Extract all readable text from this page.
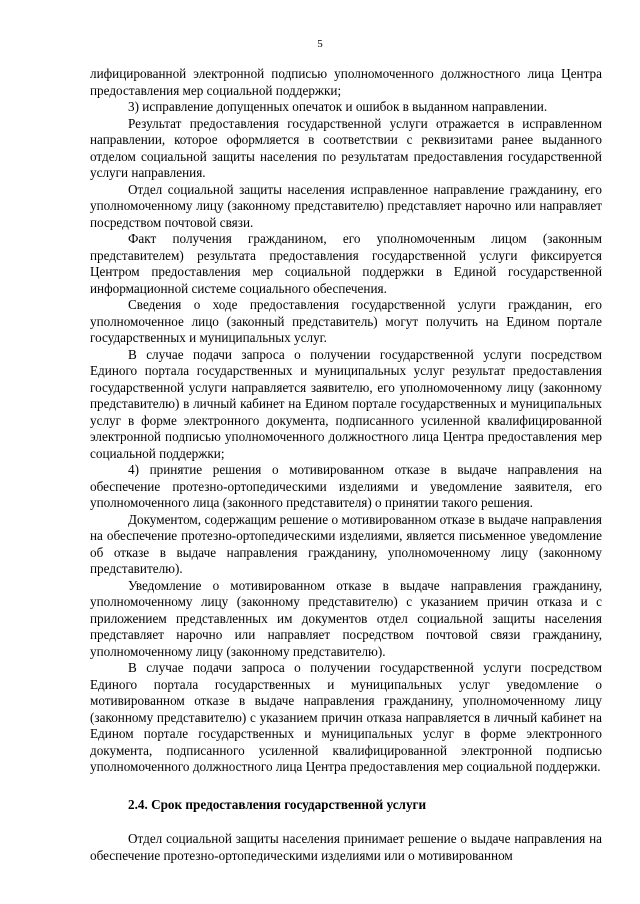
5

лифицированной электронной подписью уполномоченного должностного лица Центра предоставления мер социальной поддержки;

3) исправление допущенных опечаток и ошибок в выданном направлении.

Результат предоставления государственной услуги отражается в исправленном направлении, которое оформляется в соответствии с реквизитами ранее выданного отделом социальной защиты населения по результатам предоставления государственной услуги направления.

Отдел социальной защиты населения исправленное направление гражданину, его уполномоченному лицу (законному представителю) представляет нарочно или направляет посредством почтовой связи.

Факт получения гражданином, его уполномоченным лицом (законным представителем) результата предоставления государственной услуги фиксируется Центром предоставления мер социальной поддержки в Единой государственной информационной системе социального обеспечения.

Сведения о ходе предоставления государственной услуги гражданин, его уполномоченное лицо (законный представитель) могут получить на Едином портале государственных и муниципальных услуг.

В случае подачи запроса о получении государственной услуги посредством Единого портала государственных и муниципальных услуг результат предоставления государственной услуги направляется заявителю, его уполномоченному лицу (законному представителю) в личный кабинет на Едином портале государственных и муниципальных услуг в форме электронного документа, подписанного усиленной квалифицированной электронной подписью уполномоченного должностного лица Центра предоставления мер социальной поддержки;

4) принятие решения о мотивированном отказе в выдаче направления на обеспечение протезно-ортопедическими изделиями и уведомление заявителя, его уполномоченного лица (законного представителя) о принятии такого решения.

Документом, содержащим решение о мотивированном отказе в выдаче направления на обеспечение протезно-ортопедическими изделиями, является письменное уведомление об отказе в выдаче направления гражданину, уполномоченному лицу (законному представителю).

Уведомление о мотивированном отказе в выдаче направления гражданину, уполномоченному лицу (законному представителю) с указанием причин отказа и с приложением представленных им документов отдел социальной защиты населения представляет нарочно или направляет посредством почтовой связи гражданину, уполномоченному лицу (законному представителю).

В случае подачи запроса о получении государственной услуги посредством Единого портала государственных и муниципальных услуг уведомление о мотивированном отказе в выдаче направления гражданину, уполномоченному лицу (законному представителю) с указанием причин отказа направляется в личный кабинет на Едином портале государственных и муниципальных услуг в форме электронного документа, подписанного усиленной квалифицированной электронной подписью уполномоченного должностного лица Центра предоставления мер социальной поддержки.

2.4. Срок предоставления государственной услуги

Отдел социальной защиты населения принимает решение о выдаче направления на обеспечение протезно-ортопедическими изделиями или о мотивированном
